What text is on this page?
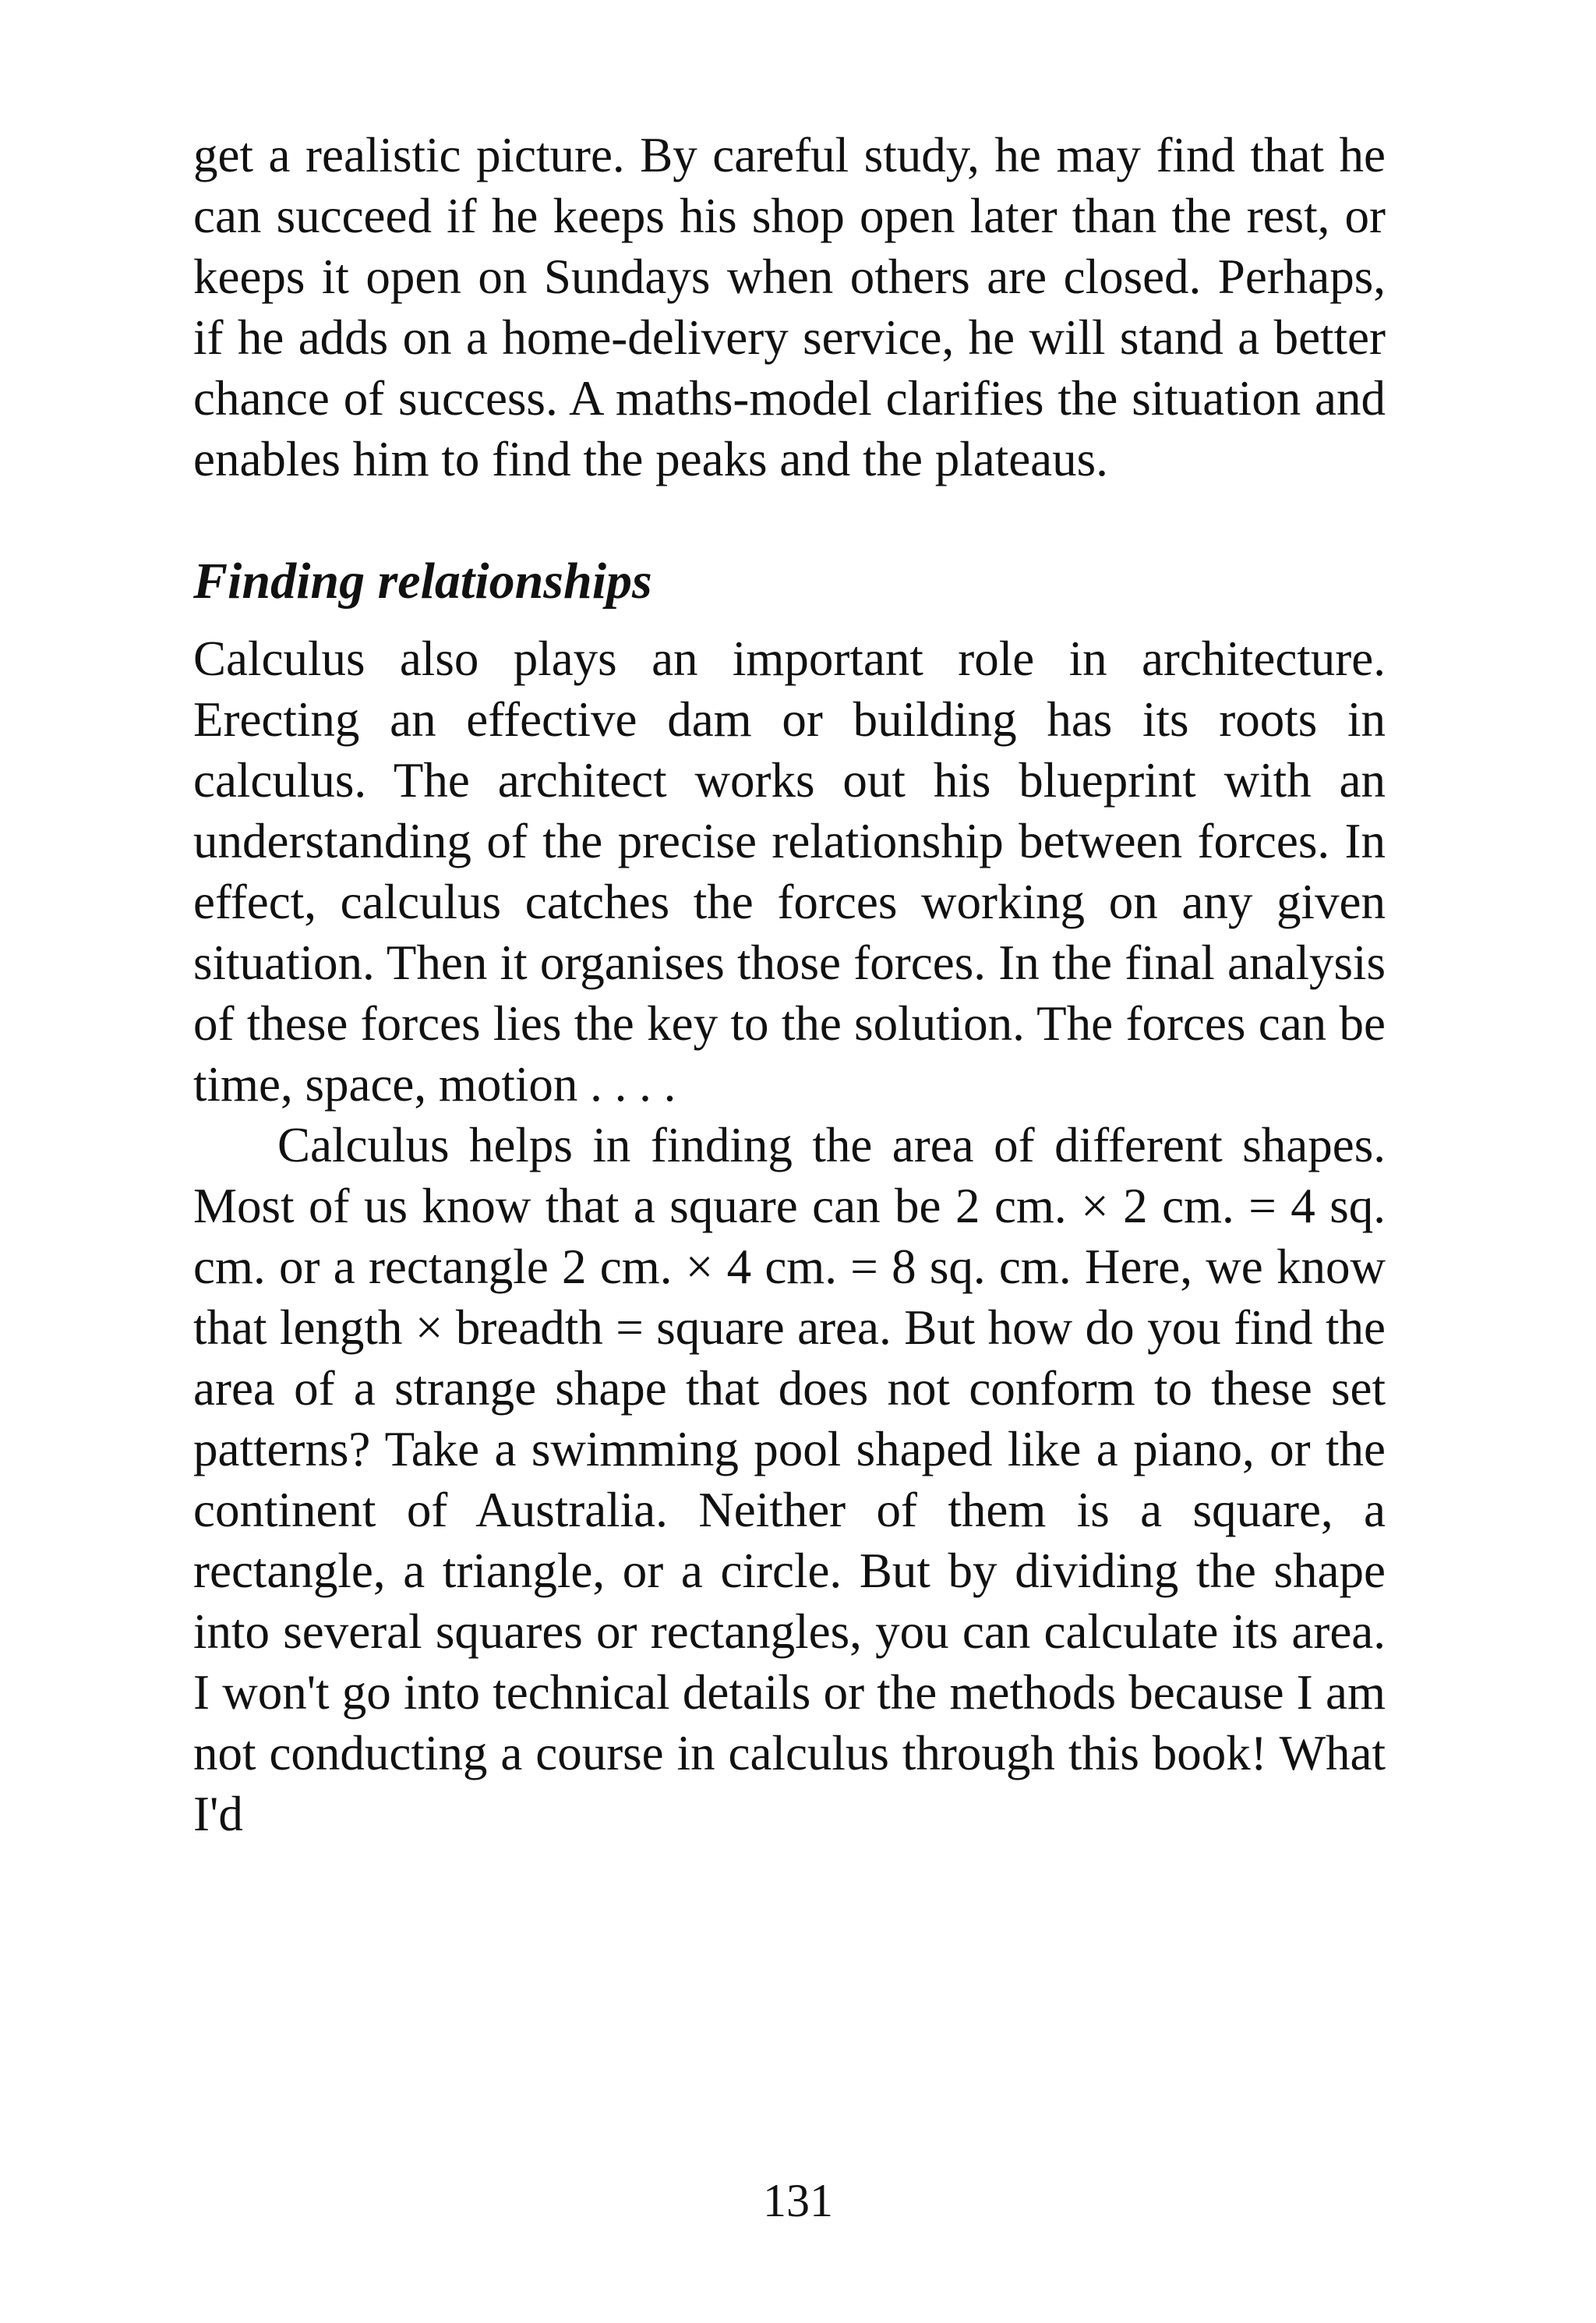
get a realistic picture. By careful study, he may find that he can succeed if he keeps his shop open later than the rest, or keeps it open on Sundays when others are closed. Perhaps, if he adds on a home-delivery service, he will stand a better chance of success. A maths-model clarifies the situation and enables him to find the peaks and the plateaus.

Finding relationships

Calculus also plays an important role in architecture. Erecting an effective dam or building has its roots in calculus. The architect works out his blueprint with an understanding of the precise relationship between forces. In effect, calculus catches the forces working on any given situation. Then it organises those forces. In the final analysis of these forces lies the key to the solution. The forces can be time, space, motion . . . .

Calculus helps in finding the area of different shapes. Most of us know that a square can be 2 cm. × 2 cm. = 4 sq. cm. or a rectangle 2 cm. × 4 cm. = 8 sq. cm. Here, we know that length × breadth = square area. But how do you find the area of a strange shape that does not conform to these set patterns? Take a swimming pool shaped like a piano, or the continent of Australia. Neither of them is a square, a rectangle, a triangle, or a circle. But by dividing the shape into several squares or rectangles, you can calculate its area. I won't go into technical details or the methods because I am not conducting a course in calculus through this book! What I'd

131
